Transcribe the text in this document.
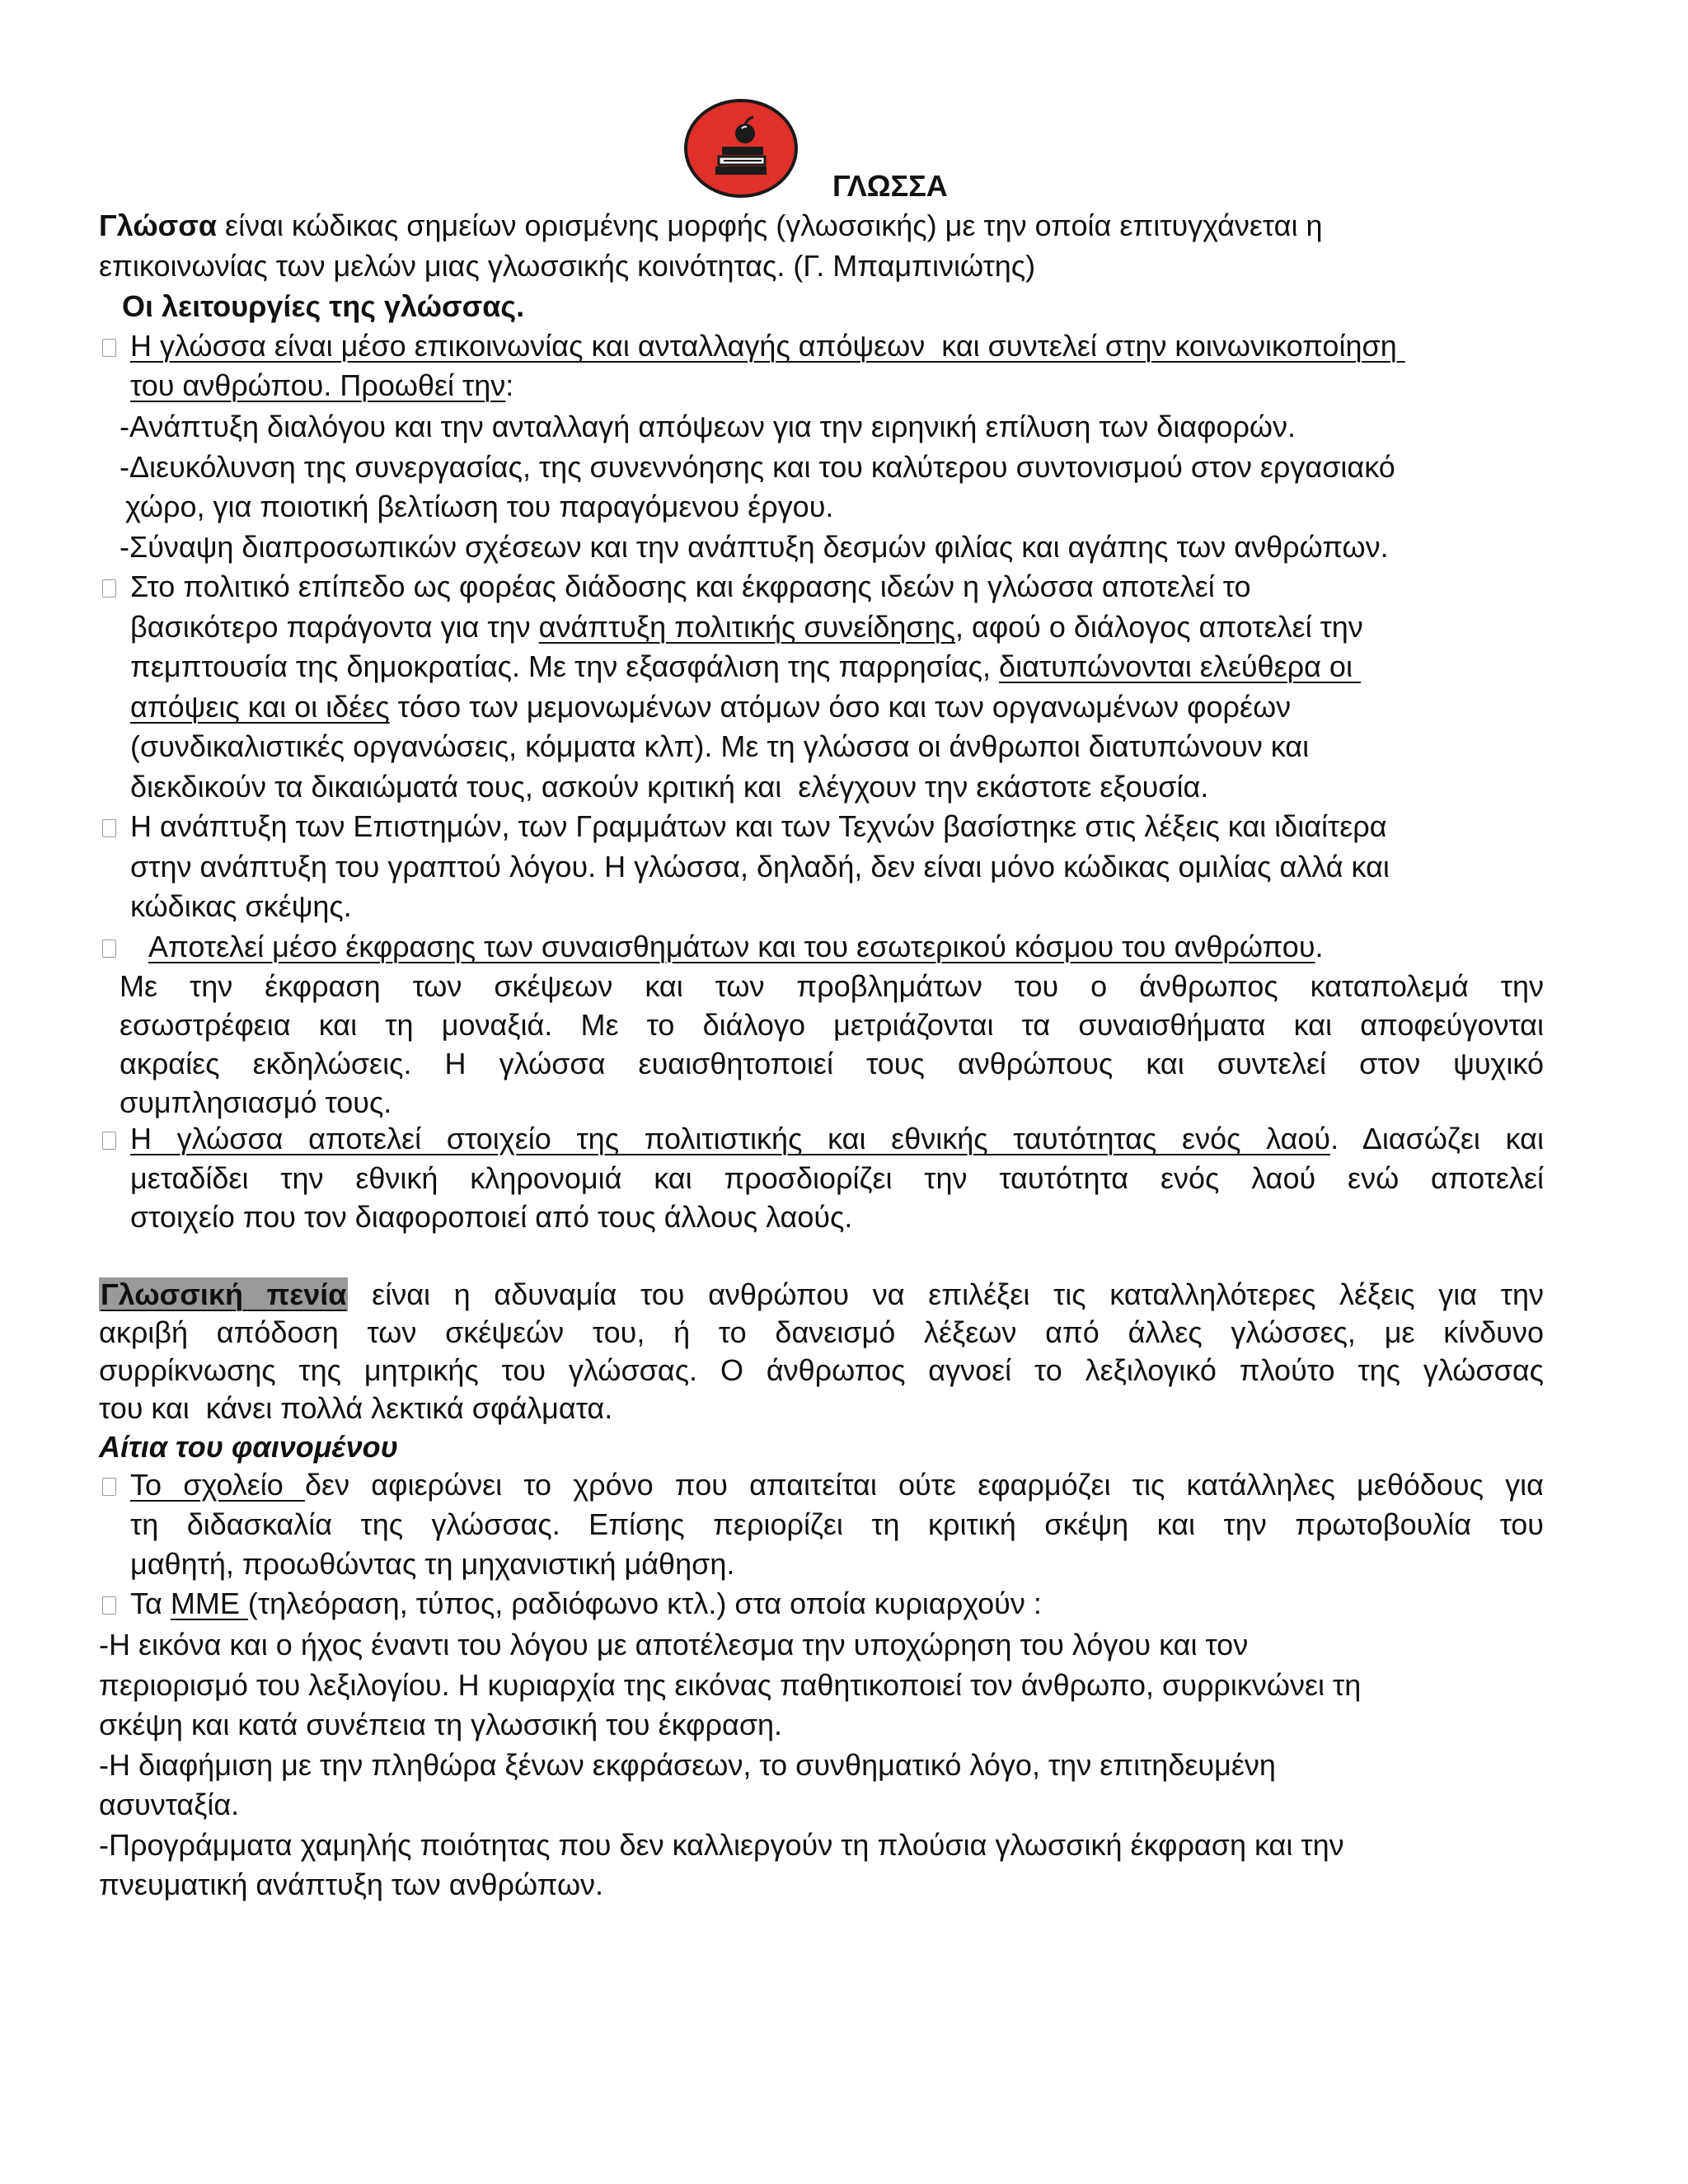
ΓΛΩΣΣΑ
Γλώσσα είναι κώδικας σημείων ορισμένης μορφής (γλωσσικής) με την οποία επιτυγχάνεται η
επικοινωνίας των μελών μιας γλωσσικής κοινότητας. (Γ. Μπαμπινιώτης)
Οι λειτουργίες της γλώσσας.
Η γλώσσα είναι μέσο επικοινωνίας και ανταλλαγής απόψεων  και συντελεί στην κοινωνικοποίηση
του ανθρώπου. Προωθεί την:
-Ανάπτυξη διαλόγου και την ανταλλαγή απόψεων για την ειρηνική επίλυση των διαφορών.
-Διευκόλυνση της συνεργασίας, της συνεννόησης και του καλύτερου συντονισμού στον εργασιακό
χώρο, για ποιοτική βελτίωση του παραγόμενου έργου.
-Σύναψη διαπροσωπικών σχέσεων και την ανάπτυξη δεσμών φιλίας και αγάπης των ανθρώπων.
Στο πολιτικό επίπεδο ως φορέας διάδοσης και έκφρασης ιδεών η γλώσσα αποτελεί το
βασικότερο παράγοντα για την ανάπτυξη πολιτικής συνείδησης, αφού ο διάλογος αποτελεί την
πεμπτουσία της δημοκρατίας. Με την εξασφάλιση της παρρησίας, διατυπώνονται ελεύθερα οι
απόψεις και οι ιδέες τόσο των μεμονωμένων ατόμων όσο και των οργανωμένων φορέων
(συνδικαλιστικές οργανώσεις, κόμματα κλπ). Με τη γλώσσα οι άνθρωποι διατυπώνουν και
διεκδικούν τα δικαιώματά τους, ασκούν κριτική και  ελέγχουν την εκάστοτε εξουσία.
Η ανάπτυξη των Επιστημών, των Γραμμάτων και των Τεχνών βασίστηκε στις λέξεις και ιδιαίτερα
στην ανάπτυξη του γραπτού λόγου. Η γλώσσα, δηλαδή, δεν είναι μόνο κώδικας ομιλίας αλλά και
κώδικας σκέψης.
Αποτελεί μέσο έκφρασης των συναισθημάτων και του εσωτερικού κόσμου του ανθρώπου.
Με την έκφραση των σκέψεων και των προβλημάτων του ο άνθρωπος καταπολεμά την
εσωστρέφεια και τη μοναξιά. Με το διάλογο μετριάζονται τα συναισθήματα και αποφεύγονται
ακραίες εκδηλώσεις. Η γλώσσα ευαισθητοποιεί τους ανθρώπους και συντελεί στον ψυχικό
συμπλησιασμό τους.
Η γλώσσα αποτελεί στοιχείο της πολιτιστικής και εθνικής ταυτότητας ενός λαού. Διασώζει και
μεταδίδει την εθνική κληρονομιά και προσδιορίζει την ταυτότητα ενός λαού ενώ αποτελεί
στοιχείο που τον διαφοροποιεί από τους άλλους λαούς.
Γλωσσική πενία είναι η αδυναμία του ανθρώπου να επιλέξει τις καταλληλότερες λέξεις για την
ακριβή απόδοση των σκέψεών του, ή το δανεισμό λέξεων από άλλες γλώσσες, με κίνδυνο
συρρίκνωσης της μητρικής του γλώσσας. Ο άνθρωπος αγνοεί το λεξιλογικό πλούτο της γλώσσας
του και  κάνει πολλά λεκτικά σφάλματα.
Αίτια του φαινομένου
Το σχολείο δεν αφιερώνει το χρόνο που απαιτείται ούτε εφαρμόζει τις κατάλληλες μεθόδους για
τη διδασκαλία της γλώσσας. Επίσης περιορίζει τη κριτική σκέψη και την πρωτοβουλία του
μαθητή, προωθώντας τη μηχανιστική μάθηση.
Τα ΜΜΕ (τηλεόραση, τύπος, ραδιόφωνο κτλ.) στα οποία κυριαρχούν :
-Η εικόνα και ο ήχος έναντι του λόγου με αποτέλεσμα την υποχώρηση του λόγου και τον
περιορισμό του λεξιλογίου. Η κυριαρχία της εικόνας παθητικοποιεί τον άνθρωπο, συρρικνώνει τη
σκέψη και κατά συνέπεια τη γλωσσική του έκφραση.
-Η διαφήμιση με την πληθώρα ξένων εκφράσεων, το συνθηματικό λόγο, την επιτηδευμένη
ασυνταξία.
-Προγράμματα χαμηλής ποιότητας που δεν καλλιεργούν τη πλούσια γλωσσική έκφραση και την
πνευματική ανάπτυξη των ανθρώπων.
